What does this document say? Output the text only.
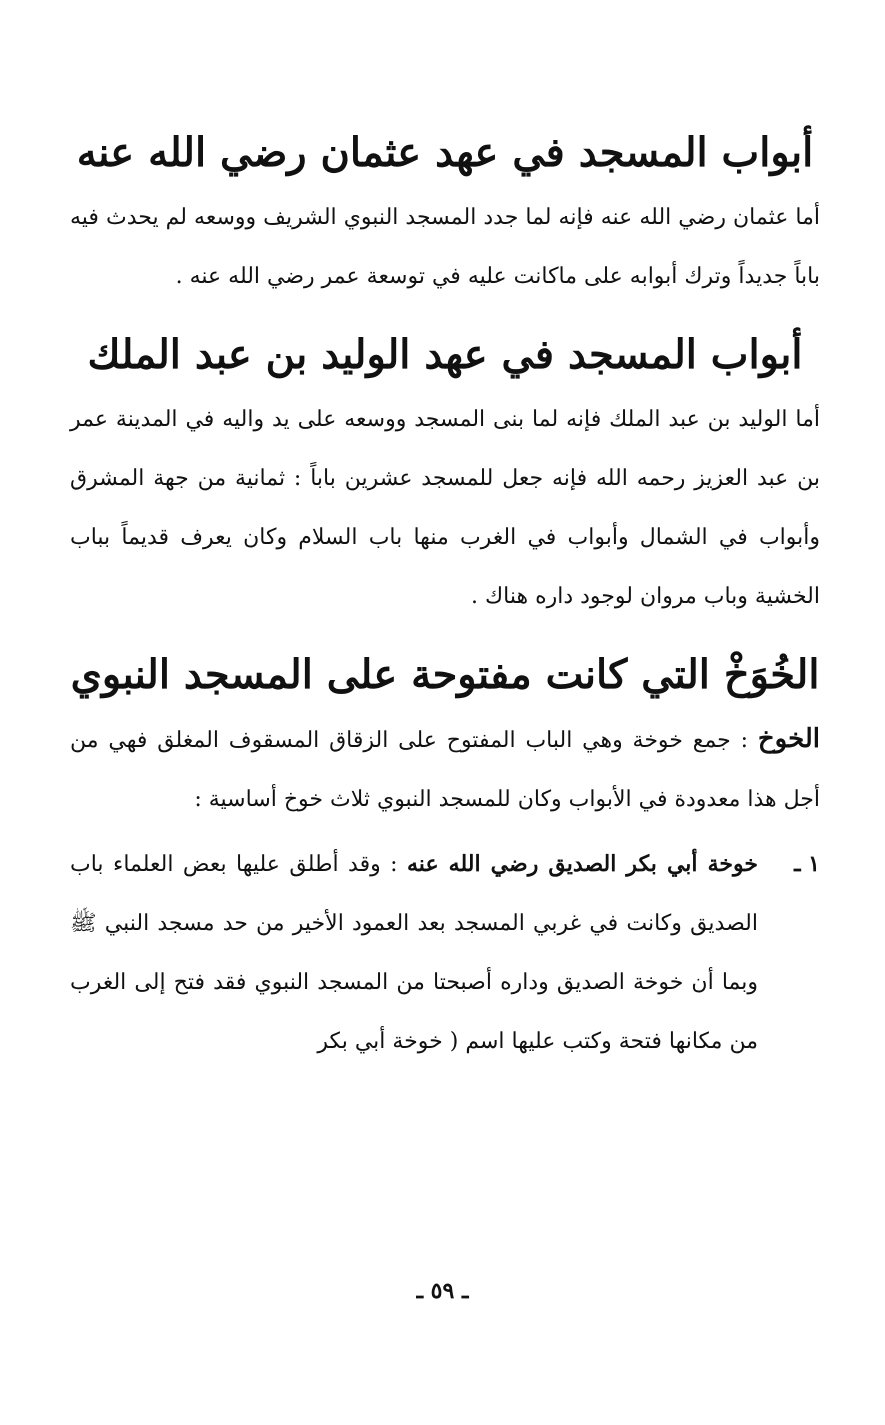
أبواب المسجد في عهد عثمان رضي الله عنه

أما عثمان رضي الله عنه فإنه لما جدد المسجد النبوي الشريف ووسعه لم يحدث فيه باباً جديداً وترك أبوابه على ماكانت عليه في توسعة عمر رضي الله عنه .

أبواب المسجد في عهد الوليد بن عبد الملك

أما الوليد بن عبد الملك فإنه لما بنى المسجد ووسعه على يد واليه في المدينة عمر بن عبد العزيز رحمه الله فإنه جعل للمسجد عشرين باباً : ثمانية من جهة المشرق وأبواب في الشمال وأبواب في الغرب منها باب السلام وكان يعرف قديماً بباب الخشية وباب مروان لوجود داره هناك .

الخُوَخْ التي كانت مفتوحة على المسجد النبوي

الخوخ : جمع خوخة وهي الباب المفتوح على الزقاق المسقوف المغلق فهي من أجل هذا معدودة في الأبواب وكان للمسجد النبوي ثلاث خوخ أساسية :

١ ـ

خوخة أبي بكر الصديق رضي الله عنه : وقد أطلق عليها بعض العلماء باب الصديق وكانت في غربي المسجد بعد العمود الأخير من حد مسجد النبي ﷺ وبما أن خوخة الصديق وداره أصبحتا من المسجد النبوي فقد فتح إلى الغرب من مكانها فتحة وكتب عليها اسم ( خوخة أبي بكر

ـ ٥٩ ـ
